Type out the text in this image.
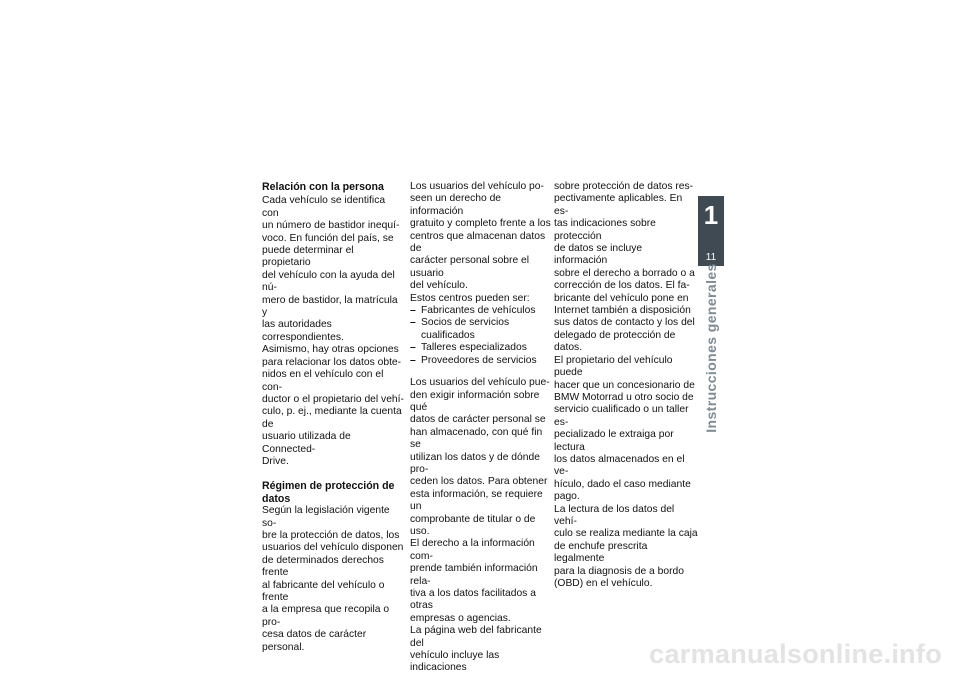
Relación con la persona

Cada vehículo se identifica con
un número de bastidor inequí-
voco. En función del país, se
puede determinar el propietario
del vehículo con la ayuda del nú-
mero de bastidor, la matrícula y
las autoridades correspondientes.
Asimismo, hay otras opciones
para relacionar los datos obte-
nidos en el vehículo con el con-
ductor o el propietario del vehí-
culo, p. ej., mediante la cuenta de
usuario utilizada de Connected-
Drive.

Régimen de protección de
datos

Según la legislación vigente so-
bre la protección de datos, los
usuarios del vehículo disponen
de determinados derechos frente
al fabricante del vehículo o frente
a la empresa que recopila o pro-
cesa datos de carácter personal.

Los usuarios del vehículo po-
seen un derecho de información
gratuito y completo frente a los
centros que almacenan datos de
carácter personal sobre el usuario
del vehículo.
Estos centros pueden ser:

– Fabricantes de vehículos
– Socios de servicios cualificados
– Talleres especializados
– Proveedores de servicios

Los usuarios del vehículo pue-
den exigir información sobre qué
datos de carácter personal se
han almacenado, con qué fin se
utilizan los datos y de dónde pro-
ceden los datos. Para obtener
esta información, se requiere un
comprobante de titular o de uso.
El derecho a la información com-
prende también información rela-
tiva a los datos facilitados a otras
empresas o agencias.
La página web del fabricante del
vehículo incluye las indicaciones

sobre protección de datos res-
pectivamente aplicables. En es-
tas indicaciones sobre protección
de datos se incluye información
sobre el derecho a borrado o a
corrección de los datos. El fa-
bricante del vehículo pone en
Internet también a disposición
sus datos de contacto y los del
delegado de protección de datos.
El propietario del vehículo puede
hacer que un concesionario de
BMW Motorrad u otro socio de
servicio cualificado o un taller es-
pecializado le extraiga por lectura
los datos almacenados en el ve-
hículo, dado el caso mediante
pago.
La lectura de los datos del vehí-
culo se realiza mediante la caja
de enchufe prescrita legalmente
para la diagnosis de a bordo
(OBD) en el vehículo.

1
11
Instrucciones generales
carmanualsonline.info
